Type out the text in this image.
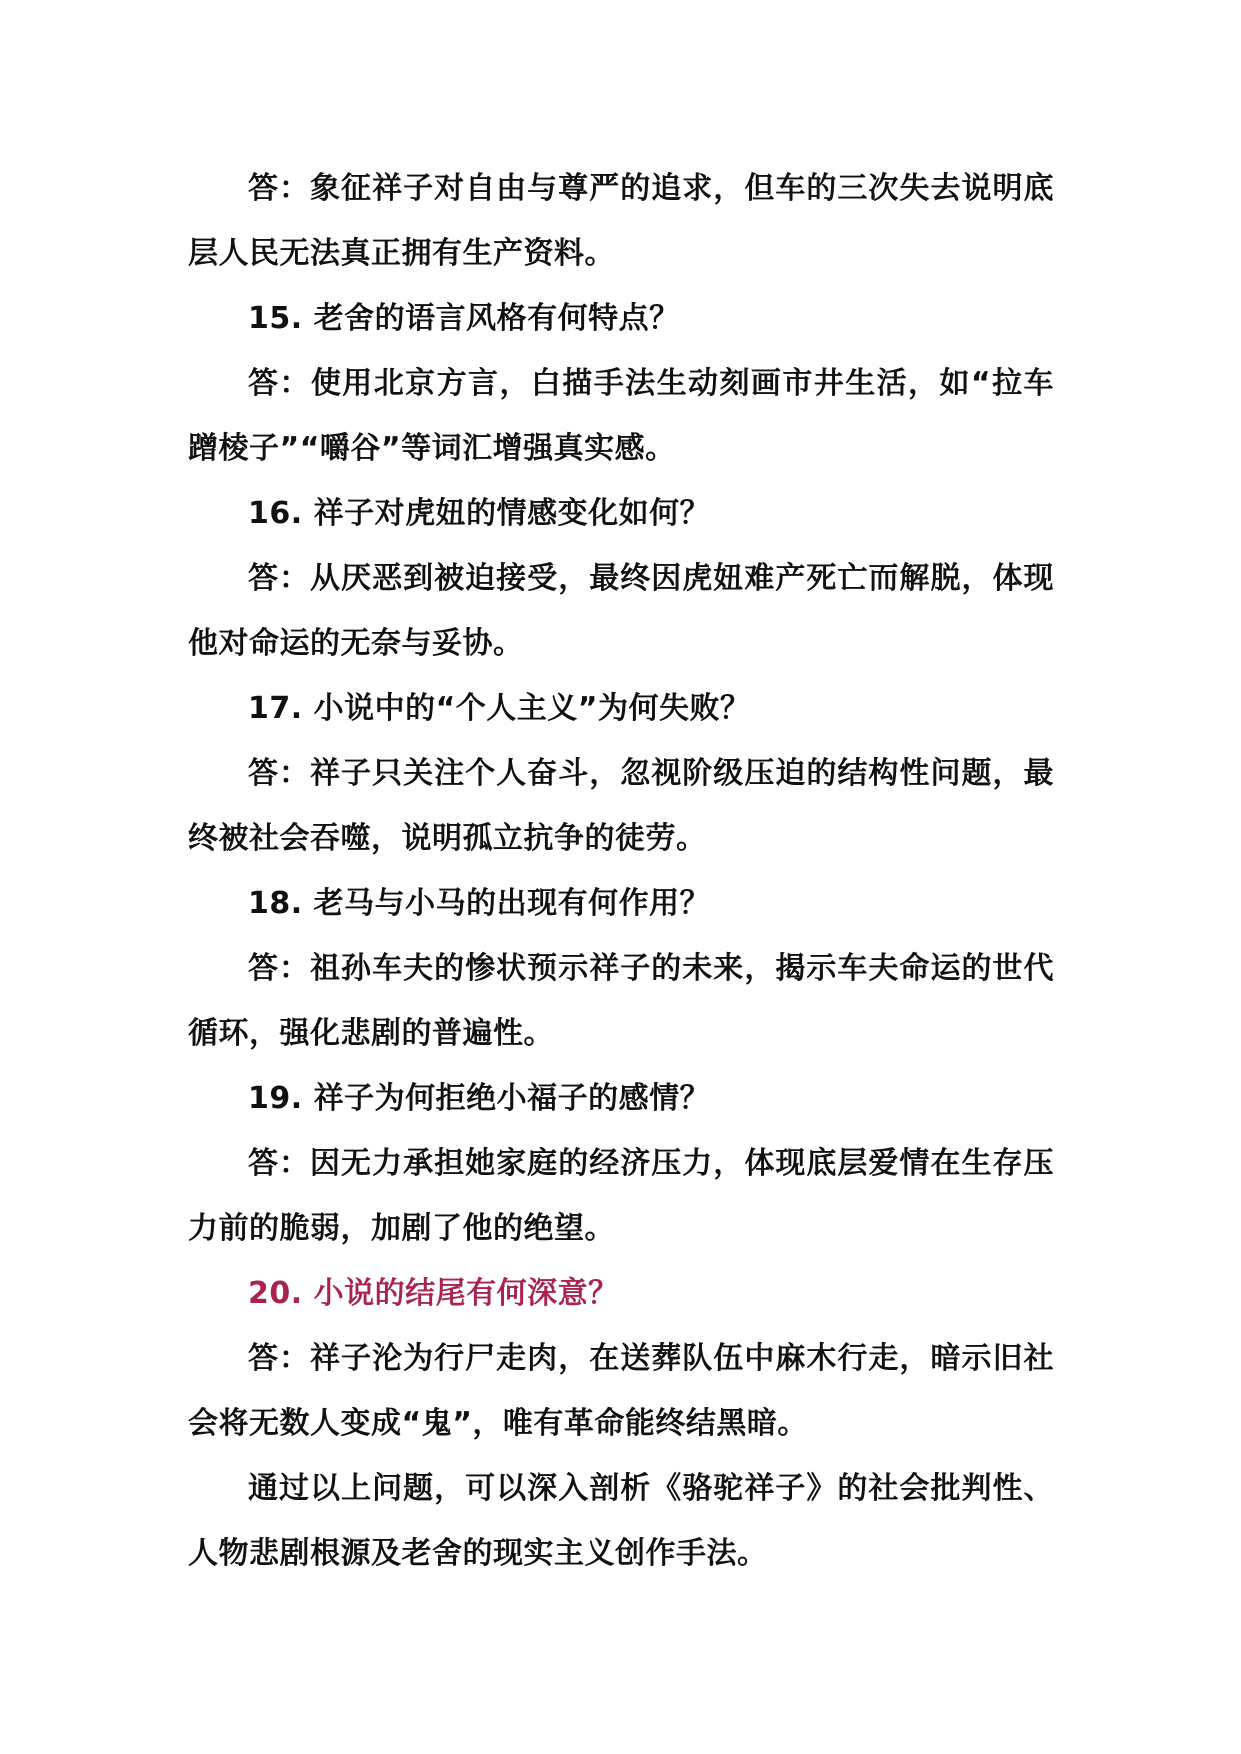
答：象征祥子对自由与尊严的追求，但车的三次失去说明底层人民无法真正拥有生产资料。

15. 老舍的语言风格有何特点？

答：使用北京方言，白描手法生动刻画市井生活，如“拉车蹭棱子”“嚼谷”等词汇增强真实感。

16. 祥子对虎妞的情感变化如何？

答：从厌恶到被迫接受，最终因虎妞难产死亡而解脱，体现他对命运的无奈与妥协。

17. 小说中的“个人主义”为何失败？

答：祥子只关注个人奋斗，忽视阶级压迫的结构性问题，最终被社会吞噬，说明孤立抗争的徒劳。

18. 老马与小马的出现有何作用？

答：祖孙车夫的惨状预示祥子的未来，揭示车夫命运的世代循环，强化悲剧的普遍性。

19. 祥子为何拒绝小福子的感情？

答：因无力承担她家庭的经济压力，体现底层爱情在生存压力前的脆弱，加剧了他的绝望。

20. 小说的结尾有何深意？

答：祥子沦为行尸走肉，在送葬队伍中麻木行走，暗示旧社会将无数人变成“鬼”，唯有革命能终结黑暗。

通过以上问题，可以深入剖析《骆驼祥子》的社会批判性、人物悲剧根源及老舍的现实主义创作手法。
